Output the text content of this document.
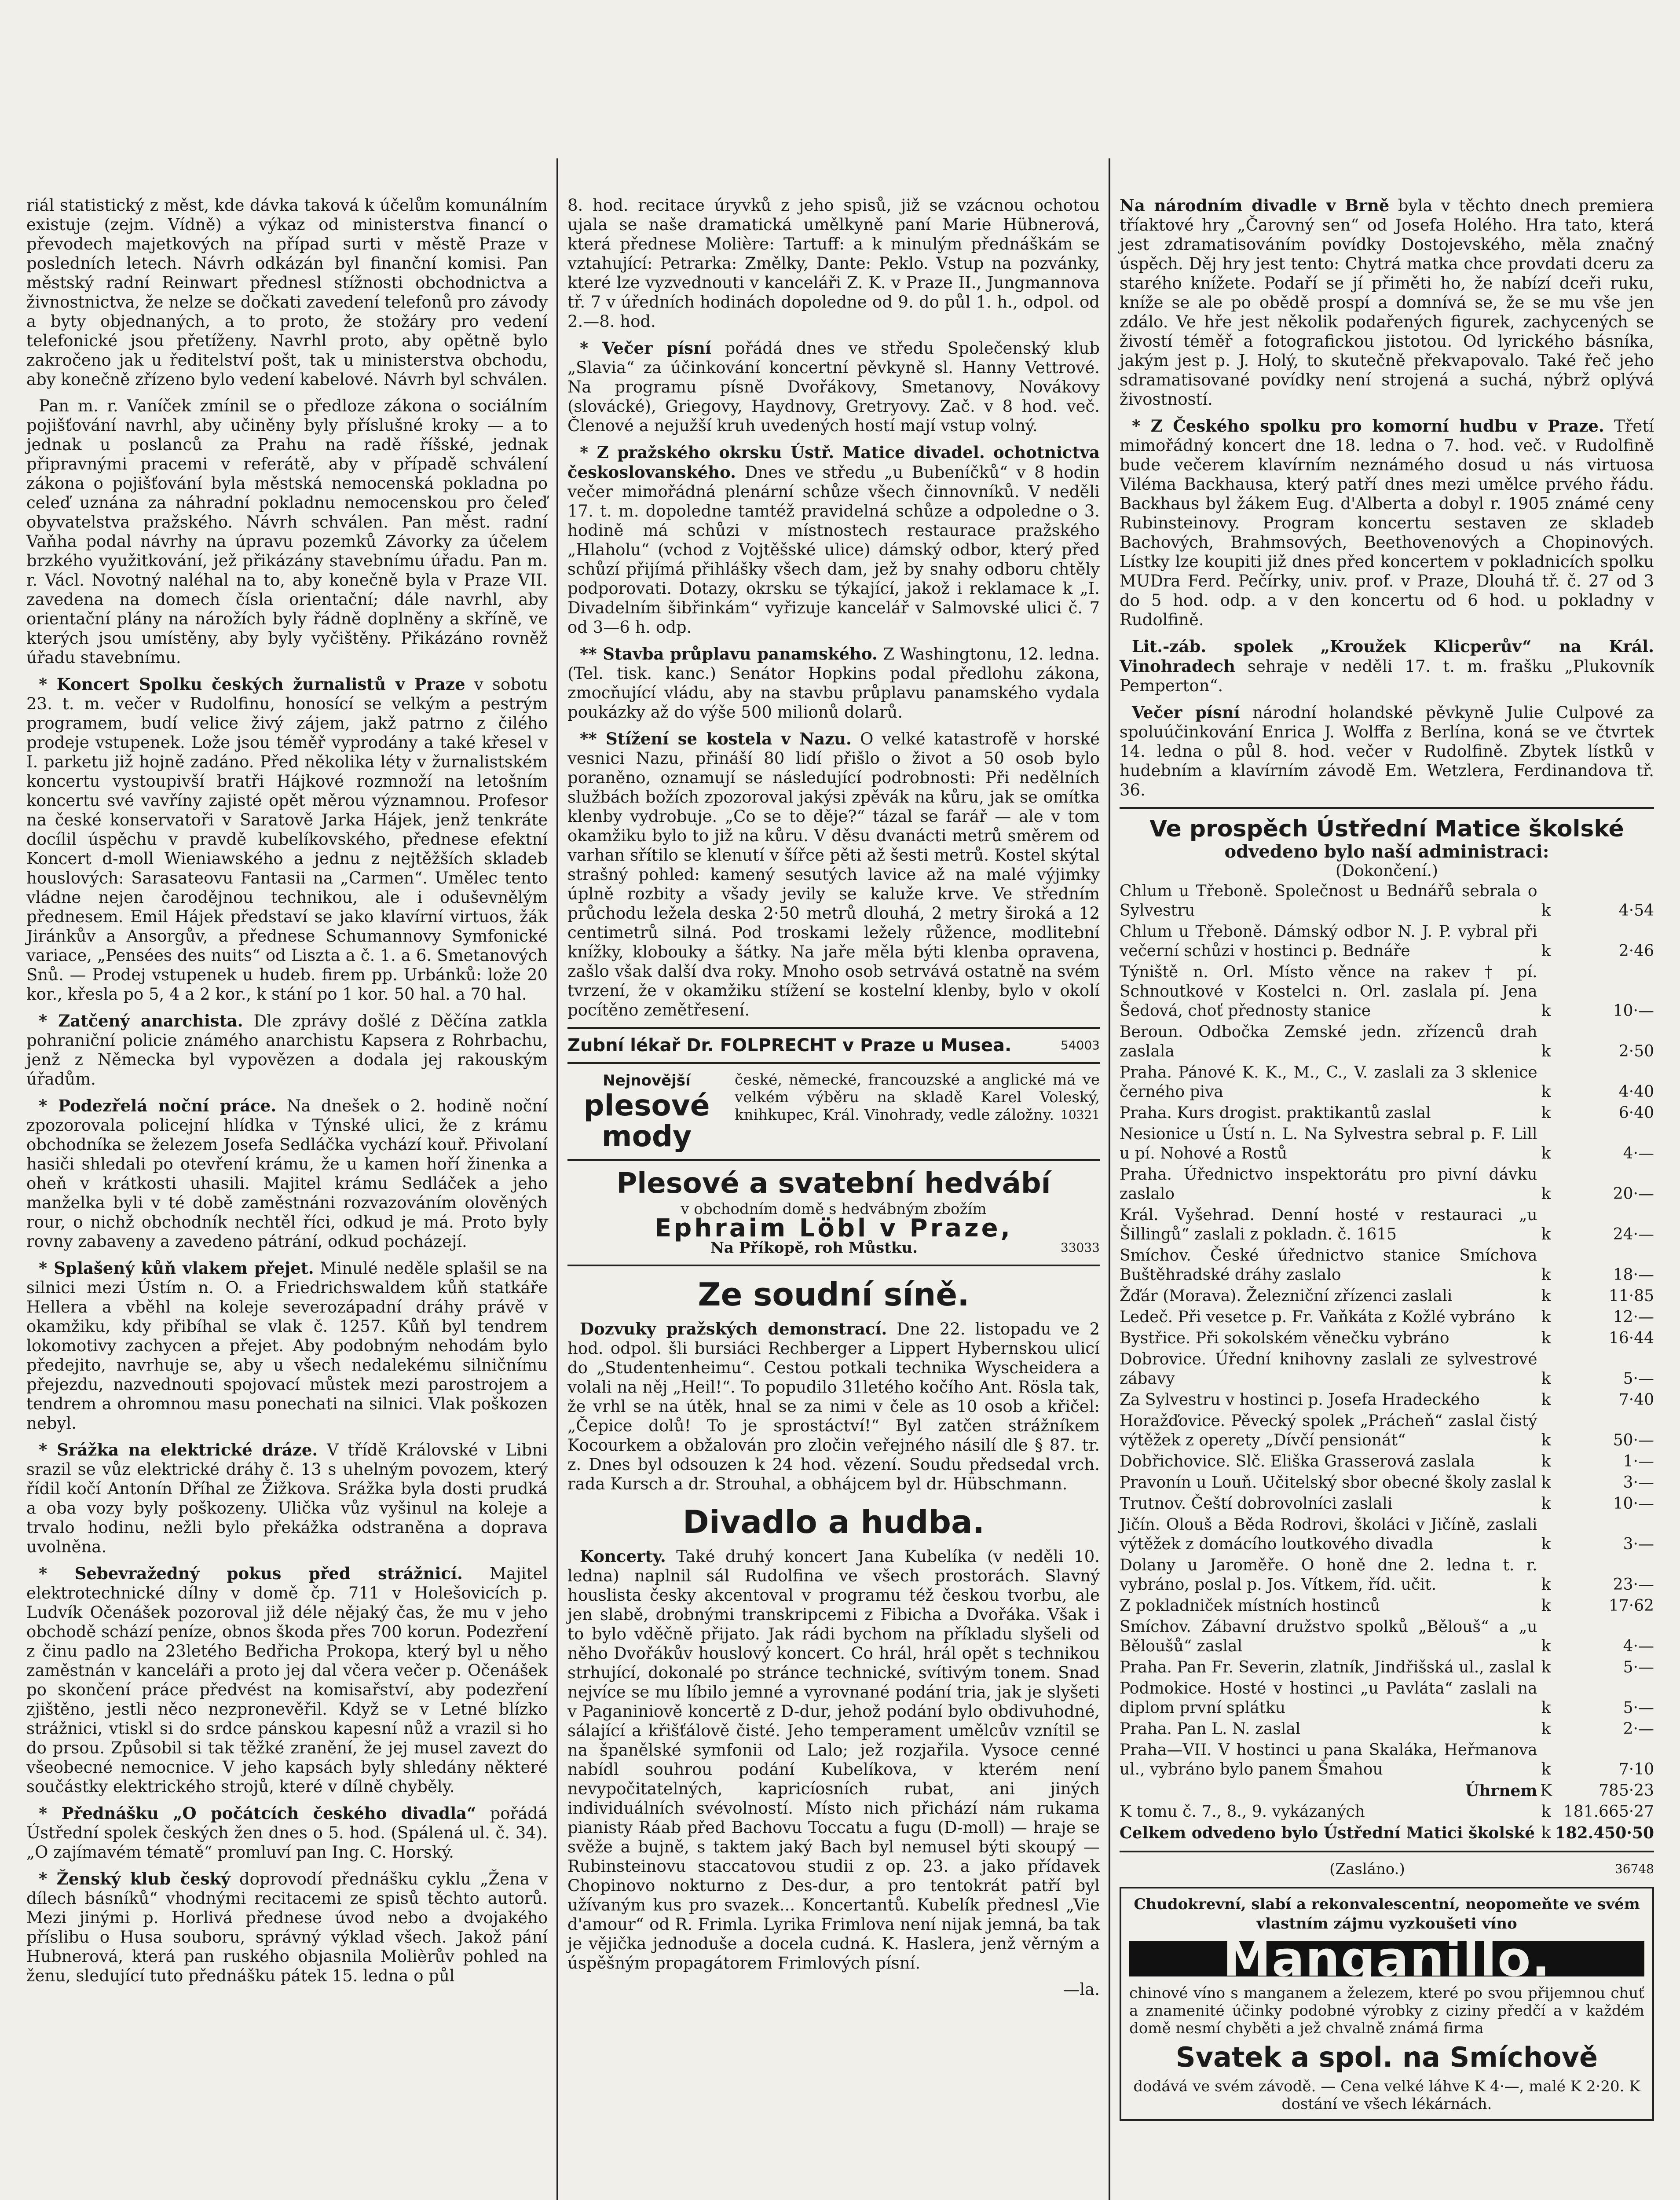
riál statistický z měst, kde dávka taková k účelům komunálním existuje (zejm. Vídně) a výkaz od ministerstva financí o převodech majetkových na případ surti v městě Praze v posledních letech. Návrh odkázán byl finanční komisi. Pan městský radní Reinwart přednesl stížnosti obchodnictva a živnostnictva, že nelze se dočkati zavedení telefonů pro závody a byty objednaných, a to proto, že stožáry pro vedení telefonické jsou přetíženy. Navrhl proto, aby opětně bylo zakročeno jak u ředitelství pošt, tak u ministerstva obchodu, aby konečně zřízeno bylo vedení kabelové. Návrh byl schválen.

Pan m. r. Vaníček zmínil se o předloze zákona o sociálním pojišťování navrhl, aby učiněny byly příslušné kroky — a to jednak u poslanců za Prahu na radě říšské, jednak připravnými pracemi v referátě, aby v případě schválení zákona o pojišťování byla městská nemocenská pokladna po celeď uznána za náhradní pokladnu nemocenskou pro čeleď obyvatelstva pražského. Návrh schválen. Pan měst. radní Vaňha podal návrhy na úpravu pozemků Závorky za účelem brzkého využitkování, jež přikázány stavebnímu úřadu. Pan m. r. Václ. Novotný naléhal na to, aby konečně byla v Praze VII. zavedena na domech čísla orientační; dále navrhl, aby orientační plány na nárožích byly řádně doplněny a skříně, ve kterých jsou umístěny, aby byly vyčištěny. Přikázáno rovněž úřadu stavebnímu.

* Koncert Spolku českých žurnalistů v Praze v sobotu 23. t. m. večer v Rudolfinu, honosící se velkým a pestrým programem, budí velice živý zájem, jakž patrno z čilého prodeje vstupenek. Lože jsou téměř vyprodány a také křesel v I. parketu již hojně zadáno. Před několika léty v žurnalistském koncertu vystoupivší bratři Hájkové rozmnoží na letošním koncertu své vavříny zajisté opět měrou významnou. Profesor na české konservatoři v Saratově Jarka Hájek, jenž tenkráte docílil úspěchu v pravdě kubelíkovského, přednese efektní Koncert d-moll Wieniawského a jednu z nejtěžších skladeb houslových: Sarasateovu Fantasii na „Carmen“. Umělec tento vládne nejen čarodějnou technikou, ale i oduševnělým přednesem. Emil Hájek představí se jako klavírní virtuos, žák Jiránkův a Ansorgův, a přednese Schumannovy Symfonické variace, „Pensées des nuits“ od Liszta a č. 1. a 6. Smetanových Snů. — Prodej vstupenek u hudeb. firem pp. Urbánků: lože 20 kor., křesla po 5, 4 a 2 kor., k stání po 1 kor. 50 hal. a 70 hal.

* Zatčený anarchista. Dle zprávy došlé z Děčína zatkla pohraniční policie známého anarchistu Kapsera z Rohrbachu, jenž z Německa byl vypovězen a dodala jej rakouským úřadům.

* Podezřelá noční práce. Na dnešek o 2. hodině noční zpozorovala policejní hlídka v Týnské ulici, že z krámu obchodníka se železem Josefa Sedláčka vychází kouř. Přivolaní hasiči shledali po otevření krámu, že u kamen hoří žinenka a oheň v krátkosti uhasili. Majitel krámu Sedláček a jeho manželka byli v té době zaměstnáni rozvazováním olověných rour, o nichž obchodník nechtěl říci, odkud je má. Proto byly rovny zabaveny a zavedeno pátrání, odkud pocházejí.

* Splašený kůň vlakem přejet. Minulé neděle splašil se na silnici mezi Ústím n. O. a Friedrichswaldem kůň statkáře Hellera a vběhl na koleje severozápadní dráhy právě v okamžiku, kdy přibíhal se vlak č. 1257. Kůň byl tendrem lokomotivy zachycen a přejet. Aby podobným nehodám bylo předejito, navrhuje se, aby u všech nedalekému silničnímu přejezdu, nazvednouti spojovací můstek mezi parostrojem a tendrem a ohromnou masu ponechati na silnici. Vlak poškozen nebyl.

* Srážka na elektrické dráze. V třídě Královské v Libni srazil se vůz elektrické dráhy č. 13 s uhelným povozem, který řídil kočí Antonín Dříhal ze Žižkova. Srážka byla dosti prudká a oba vozy byly poškozeny. Ulička vůz vyšinul na koleje a trvalo hodinu, nežli bylo překážka odstraněna a doprava uvolněna.

* Sebevražedný pokus před strážnicí. Majitel elektrotechnické dílny v domě čp. 711 v Holešovicích p. Ludvík Očenášek pozoroval již déle nějaký čas, že mu v jeho obchodě schází peníze, obnos škoda přes 700 korun. Podezření z činu padlo na 23letého Bedřicha Prokopa, který byl u něho zaměstnán v kanceláři a proto jej dal včera večer p. Očenášek po skončení práce předvést na komisařství, aby podezření zjištěno, jestli něco nezpronevěřil. Když se v Letné blízko strážnici, vtiskl si do srdce pánskou kapesní nůž a vrazil si ho do prsou. Způsobil si tak těžké zranění, že jej musel zavezt do všeobecné nemocnice. V jeho kapsách byly shledány některé součástky elektrického strojů, které v dílně chyběly.

* Přednášku „O počátcích českého divadla“ pořádá Ústřední spolek českých žen dnes o 5. hod. (Spálená ul. č. 34). „O zajímavém tématě“ promluví pan Ing. C. Horský.

* Ženský klub český doprovodí přednášku cyklu „Žena v dílech básníků“ vhodnými recitacemi ze spisů těchto autorů. Mezi jinými p. Horlivá přednese úvod nebo a dvojakého příslibu o Husa souboru, správný výklad všech. Jakož pání Hubnerová, která pan ruského objasnila Molièrův pohled na ženu, sledující tuto přednášku pátek 15. ledna o půl

8. hod. recitace úryvků z jeho spisů, již se vzácnou ochotou ujala se naše dramatická umělkyně paní Marie Hübnerová, která přednese Molière: Tartuff: a k minulým přednáškám se vztahující: Petrarka: Změlky, Dante: Peklo. Vstup na pozvánky, které lze vyzvednouti v kanceláři Z. K. v Praze II., Jungmannova tř. 7 v úředních hodinách dopoledne od 9. do půl 1. h., odpol. od 2.—8. hod.

* Večer písní pořádá dnes ve středu Společenský klub „Slavia“ za účinkování koncertní pěvkyně sl. Hanny Vettrové. Na programu písně Dvořákovy, Smetanovy, Novákovy (slovácké), Griegovy, Haydnovy, Gretryovy. Zač. v 8 hod. več. Členové a nejužší kruh uvedených hostí mají vstup volný.

* Z pražského okrsku Ústř. Matice divadel. ochotnictva českoslovanského. Dnes ve středu „u Bubeníčků“ v 8 hodin večer mimořádná plenární schůze všech činnovníků. V neděli 17. t. m. dopoledne tamtéž pravidelná schůze a odpoledne o 3. hodině má schůzi v místnostech restaurace pražského „Hlaholu“ (vchod z Vojtěšské ulice) dámský odbor, který před schůzí přijímá přihlášky všech dam, jež by snahy odboru chtěly podporovati. Dotazy, okrsku se týkající, jakož i reklamace k „I. Divadelním šibřinkám“ vyřizuje kancelář v Salmovské ulici č. 7 od 3—6 h. odp.

** Stavba průplavu panamského. Z Washingtonu, 12. ledna. (Tel. tisk. kanc.) Senátor Hopkins podal předlohu zákona, zmocňující vládu, aby na stavbu průplavu panamského vydala poukázky až do výše 500 milionů dolarů.

** Stížení se kostela v Nazu. O velké katastrofě v horské vesnici Nazu, přináší 80 lidí přišlo o život a 50 osob bylo poraněno, oznamují se následující podrobnosti: Při nedělních službách božích zpozoroval jakýsi zpěvák na kůru, jak se omítka klenby vydrobuje. „Co se to děje?“ tázal se farář — ale v tom okamžiku bylo to již na kůru. V děsu dvanácti metrů směrem od varhan sřítilo se klenutí v šířce pěti až šesti metrů. Kostel skýtal strašný pohled: kamený sesutých lavice až na malé výjimky úplně rozbity a všady jevily se kaluže krve. Ve středním průchodu ležela deska 2·50 metrů dlouhá, 2 metry široká a 12 centimetrů silná. Pod troskami ležely růžence, modlitební knížky, klobouky a šátky. Na jaře měla býti klenba opravena, zašlo však další dva roky. Mnoho osob setrvává ostatně na svém tvrzení, že v okamžiku stížení se kostelní klenby, bylo v okolí pocítěno zemětřesení.

Zubní lékař Dr. FOLPRECHT v Praze u Musea.	54003
Nejnovější
plesové mody
české, německé, francouzské a anglické má ve velkém výběru na skladě Karel Voleský, knihkupec, Král. Vinohrady, vedle záložny. 10321
Plesové a svatební hedvábí
v obchodním domě s hedvábným zbožím
Ephraim Löbl v Praze,
Na Příkopě, roh Můstku.	33033
Ze soudní síně.

Dozvuky pražských demonstrací. Dne 22. listopadu ve 2 hod. odpol. šli bursiáci Rechberger a Lippert Hybernskou ulicí do „Studentenheimu“. Cestou potkali technika Wyscheidera a volali na něj „Heil!“. To popudilo 31letého kočího Ant. Rösla tak, že vrhl se na útěk, hnal se za nimi v čele as 10 osob a křičel: „Čepice dolů! To je sprostáctví!“ Byl zatčen strážníkem Kocourkem a obžalován pro zločin veřejného násilí dle § 87. tr. z. Dnes byl odsouzen k 24 hod. vězení. Soudu předsedal vrch. rada Kursch a dr. Strouhal, a obhájcem byl dr. Hübschmann.

Divadlo a hudba.

Koncerty. Také druhý koncert Jana Kubelíka (v neděli 10. ledna) naplnil sál Rudolfina ve všech prostorách. Slavný houslista česky akcentoval v programu též českou tvorbu, ale jen slabě, drobnými transkripcemi z Fibicha a Dvořáka. Však i to bylo vděčně přijato. Jak rádi bychom na příkladu slyšeli od něho Dvořákův houslový koncert. Co hrál, hrál opět s technikou strhující, dokonalé po stránce technické, svítivým tonem. Snad nejvíce se mu líbilo jemné a vyrovnané podání tria, jak je slyšeti v Paganiniově koncertě z D-dur, jehož podání bylo obdivuhodné, sálající a křišťálově čisté. Jeho temperament umělcův vznítil se na španělské symfonii od Lalo; jež rozjařila. Vysoce cenné nabídl souhrou podání Kubelíkova, v kterém není nevypočitatelných, kapricíosních rubat, ani jiných individuálních svévolností. Místo nich přichází nám rukama pianisty Ráab před Bachovu Toccatu a fugu (D-moll) — hraje se svěže a bujně, s taktem jaký Bach byl nemusel býti skoupý — Rubinsteinovu staccatovou studii z op. 23. a jako přídavek Chopinovo nokturno z Des-dur, a pro tentokrát patří byl užívaným kus pro svazek... Koncertantů. Kubelík přednesl „Vie d'amour“ od R. Frimla. Lyrika Frimlova není nijak jemná, ba tak je vějička jednoduše a docela cudná. K. Haslera, jenž věrným a úspěšným propagátorem Frimlových písní.

—la.

Na národním divadle v Brně byla v těchto dnech premiera tříaktové hry „Čarovný sen“ od Josefa Holého. Hra tato, která jest zdramatisováním povídky Dostojevského, měla značný úspěch. Děj hry jest tento: Chytrá matka chce provdati dceru za starého knížete. Podaří se jí přiměti ho, že nabízí dceři ruku, kníže se ale po obědě prospí a domnívá se, že se mu vše jen zdálo. Ve hře jest několik podařených figurek, zachycených se živostí téměř a fotografickou jistotou. Od lyrického básníka, jakým jest p. J. Holý, to skutečně překvapovalo. Také řeč jeho sdramatisované povídky není strojená a suchá, nýbrž oplývá živostností.

* Z Českého spolku pro komorní hudbu v Praze. Třetí mimořádný koncert dne 18. ledna o 7. hod. več. v Rudolfině bude večerem klavírním neznámého dosud u nás virtuosa Viléma Backhausa, který patří dnes mezi umělce prvého řádu. Backhaus byl žákem Eug. d'Alberta a dobyl r. 1905 známé ceny Rubinsteinovy. Program koncertu sestaven ze skladeb Bachových, Brahmsových, Beethovenových a Chopinových. Lístky lze koupiti již dnes před koncertem v pokladnicích spolku MUDra Ferd. Pečírky, univ. prof. v Praze, Dlouhá tř. č. 27 od 3 do 5 hod. odp. a v den koncertu od 6 hod. u pokladny v Rudolfině.

Lit.-záb. spolek „Kroužek Klicperův“ na Král. Vinohradech sehraje v neděli 17. t. m. frašku „Plukovník Pemperton“.

Večer písní národní holandské pěvkyně Julie Culpové za spoluúčinkování Enrica J. Wolffa z Berlína, koná se ve čtvrtek 14. ledna o půl 8. hod. večer v Rudolfině. Zbytek lístků v hudebním a klavírním závodě Em. Wetzlera, Ferdinandova tř. 36.

Ve prospěch Ústřední Matice školské
odvedeno bylo naší administraci:
(Dokončení.)
Chlum u Třeboně. Společnost u Bednářů sebrala o Sylvestru	k	4·54
Chlum u Třeboně. Dámský odbor N. J. P. vybral při večerní schůzi v hostinci p. Bednáře	k	2·46
Týniště n. Orl. Místo věnce na rakev † pí. Schnoutkové v Kostelci n. Orl. zaslala pí. Jena Šedová, choť přednosty stanice	k	10·—
Beroun. Odbočka Zemské jedn. zřízenců drah zaslala	k	2·50
Praha. Pánové K. K., M., C., V. zaslali za 3 sklenice černého piva	k	4·40
Praha. Kurs drogist. praktikantů zaslal	k	6·40
Nesionice u Ústí n. L. Na Sylvestra sebral p. F. Lill u pí. Nohové a Rostů	k	4·—
Praha. Úřednictvo inspektorátu pro pivní dávku zaslalo	k	20·—
Král. Vyšehrad. Denní hosté v restauraci „u Šillingů“ zaslali z pokladn. č. 1615	k	24·—
Smíchov. České úřednictvo stanice Smíchova Buštěhradské dráhy zaslalo	k	18·—
Žďár (Morava). Železniční zřízenci zaslali	k	11·85
Ledeč. Při vesetce p. Fr. Vaňkáta z Kožlé vybráno	k	12·—
Bystřice. Při sokolském věnečku vybráno	k	16·44
Dobrovice. Úřední knihovny zaslali ze sylvestrové zábavy	k	5·—
Za Sylvestru v hostinci p. Josefa Hradeckého	k	7·40
Horažďovice. Pěvecký spolek „Prácheň“ zaslal čistý výtěžek z operety „Dívčí pensionát“	k	50·—
Dobřichovice. Slč. Eliška Grasserová zaslala	k	1·—
Pravonín u Louň. Učitelský sbor obecné školy zaslal	k	3·—
Trutnov. Čeští dobrovolníci zaslali	k	10·—
Jičín. Olouš a Běda Rodrovi, školáci v Jičíně, zaslali výtěžek z domácího loutkového divadla	k	3·—
Dolany u Jaroměře. O honě dne 2. ledna t. r. vybráno, poslal p. Jos. Vítkem, říd. učit.	k	23·—
Z pokladniček místních hostinců	k	17·62
Smíchov. Zábavní družstvo spolků „Bělouš“ a „u Běloušů“ zaslal	k	4·—
Praha. Pan Fr. Severin, zlatník, Jindřišská ul., zaslal	k	5·—
Podmokice. Hosté v hostinci „u Pavláta“ zaslali na diplom první splátku	k	5·—
Praha. Pan L. N. zaslal	k	2·—
Praha—VII. V hostinci u pana Skaláka, Heřmanova ul., vybráno bylo panem Šmahou	k	7·10
Úhrnem	K	785·23
K tomu č. 7., 8., 9. vykázaných	k	181.665·27
Celkem odvedeno bylo Ústřední Matici školské	k	182.450·50
(Zasláno.)	36748
Chudokrevní, slabí a rekonvalescentní, neopomeňte ve svém vlastním zájmu vyzkoušeti víno
Manganillo.
chinové víno s manganem a železem, které po svou přijemnou chuť a znamenité účinky podobné výrobky z ciziny předčí a v každém domě nesmí chyběti a jež chvalně známá firma
Svatek a spol. na Smíchově
dodává ve svém závodě. — Cena velké láhve K 4·—, malé K 2·20. K dostání ve všech lékárnách.
